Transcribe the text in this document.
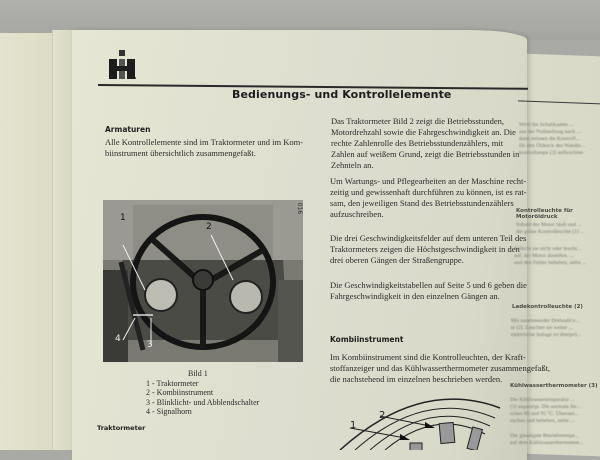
Bedienungs- und Kontrollelemente
Armaturen
Alle Kontrollelemente sind im Traktormeter und im Kom-
biinstrument übersichtlich zusammengefaßt.
1
2
3
4
016
Bild 1
1 - Traktormeter
2 - Kombiinstrument
3 - Blinklicht- und Abblendschalter
4 - Signalhorn
Traktormeter
Das Traktormeter Bild 2 zeigt die Betriebsstunden,
Motordrehzahl sowie die Fahrgeschwindigkeit an. Die
rechte Zahlenrolle des Betriebsstundenzählers, mit
Zahlen auf weißem Grund, zeigt die Betriebsstunden in
Zehnteln an.
Um Wartungs- und Pflegearbeiten an der Maschine recht-
zeitig und gewissenhaft durchführen zu können, ist es rat-
sam, den jeweiligen Stand des Betriebsstundenzählers
aufzuschreiben.
Die drei Geschwindigkeitsfelder auf dem unteren Teil des
Traktormeters zeigen die Höchstgeschwindigkeit in den
drei oberen Gängen der Straßengruppe.
Die Geschwindigkeitstabellen auf Seite 5 und 6 geben die
Fahrgeschwindigkeit in den einzelnen Gängen an.
Kombiinstrument
Im Kombiinstrument sind die Kontrolleuchten, der Kraft-
stoffanzeiger und das Kühlwasserthermometer zusammengefaßt,
die nachstehend im einzelnen beschrieben werden.
1
2
Wird der Schaltkasten ...
aus der Nullstellung nach ...
dann müssen die Kontroll...
für den Öldruck des Wandle...
kontrollampe (3) aufleuchten
Kontrolleuchte für Motoröldruck
Sobald der Motor läuft und ...
die grüne Kontrolleuchte (1) ...
Erlischt sie nicht oder leucht...
auf, der Motor abstellen. ...
und den Fehler beheben, siehe ...
Ladekontrolleuchte (2)
Mit zunehmender Drehzahl e...
te (2). Leuchtet sie weiter ...
elektrische Anlage zu überprü...
Kühlwasserthermometer (3)
Die Kühlwassertemperatur ...
(3) angezeigt. Die normale Be...
schen 80 und 95 °C. Überstei...
suchen und beheben, siehe ...
Die günstigste Betriebstempe...
auf dem Kühlwasserthermomet...
